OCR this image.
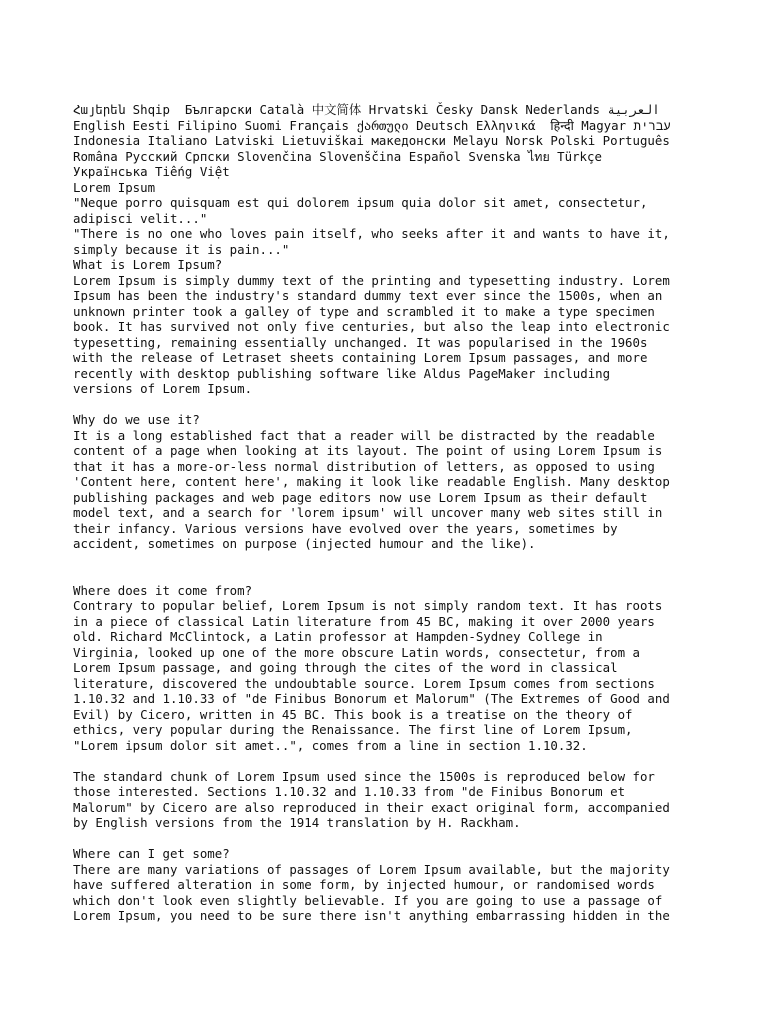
Հայերեն Shqip  Български Català 中文简体 Hrvatski Česky Dansk Nederlands العربية
English Eesti Filipino Suomi Français ქართული Deutsch Ελληνικά  हिन्दी Magyar עברית
Indonesia Italiano Latviski Lietuviškai македонски Melayu Norsk Polski Português
Româna Русский Српски Slovenčina Slovenščina Español Svenska ไทย Türkçe
Українська Tiếng Việt
Lorem Ipsum
"Neque porro quisquam est qui dolorem ipsum quia dolor sit amet, consectetur,
adipisci velit..."
"There is no one who loves pain itself, who seeks after it and wants to have it,
simply because it is pain..."
What is Lorem Ipsum?
Lorem Ipsum is simply dummy text of the printing and typesetting industry. Lorem
Ipsum has been the industry's standard dummy text ever since the 1500s, when an
unknown printer took a galley of type and scrambled it to make a type specimen
book. It has survived not only five centuries, but also the leap into electronic
typesetting, remaining essentially unchanged. It was popularised in the 1960s
with the release of Letraset sheets containing Lorem Ipsum passages, and more
recently with desktop publishing software like Aldus PageMaker including
versions of Lorem Ipsum.
Why do we use it?
It is a long established fact that a reader will be distracted by the readable
content of a page when looking at its layout. The point of using Lorem Ipsum is
that it has a more-or-less normal distribution of letters, as opposed to using
'Content here, content here', making it look like readable English. Many desktop
publishing packages and web page editors now use Lorem Ipsum as their default
model text, and a search for 'lorem ipsum' will uncover many web sites still in
their infancy. Various versions have evolved over the years, sometimes by
accident, sometimes on purpose (injected humour and the like).
Where does it come from?
Contrary to popular belief, Lorem Ipsum is not simply random text. It has roots
in a piece of classical Latin literature from 45 BC, making it over 2000 years
old. Richard McClintock, a Latin professor at Hampden-Sydney College in
Virginia, looked up one of the more obscure Latin words, consectetur, from a
Lorem Ipsum passage, and going through the cites of the word in classical
literature, discovered the undoubtable source. Lorem Ipsum comes from sections
1.10.32 and 1.10.33 of "de Finibus Bonorum et Malorum" (The Extremes of Good and
Evil) by Cicero, written in 45 BC. This book is a treatise on the theory of
ethics, very popular during the Renaissance. The first line of Lorem Ipsum,
"Lorem ipsum dolor sit amet..", comes from a line in section 1.10.32.
The standard chunk of Lorem Ipsum used since the 1500s is reproduced below for
those interested. Sections 1.10.32 and 1.10.33 from "de Finibus Bonorum et
Malorum" by Cicero are also reproduced in their exact original form, accompanied
by English versions from the 1914 translation by H. Rackham.
Where can I get some?
There are many variations of passages of Lorem Ipsum available, but the majority
have suffered alteration in some form, by injected humour, or randomised words
which don't look even slightly believable. If you are going to use a passage of
Lorem Ipsum, you need to be sure there isn't anything embarrassing hidden in the
